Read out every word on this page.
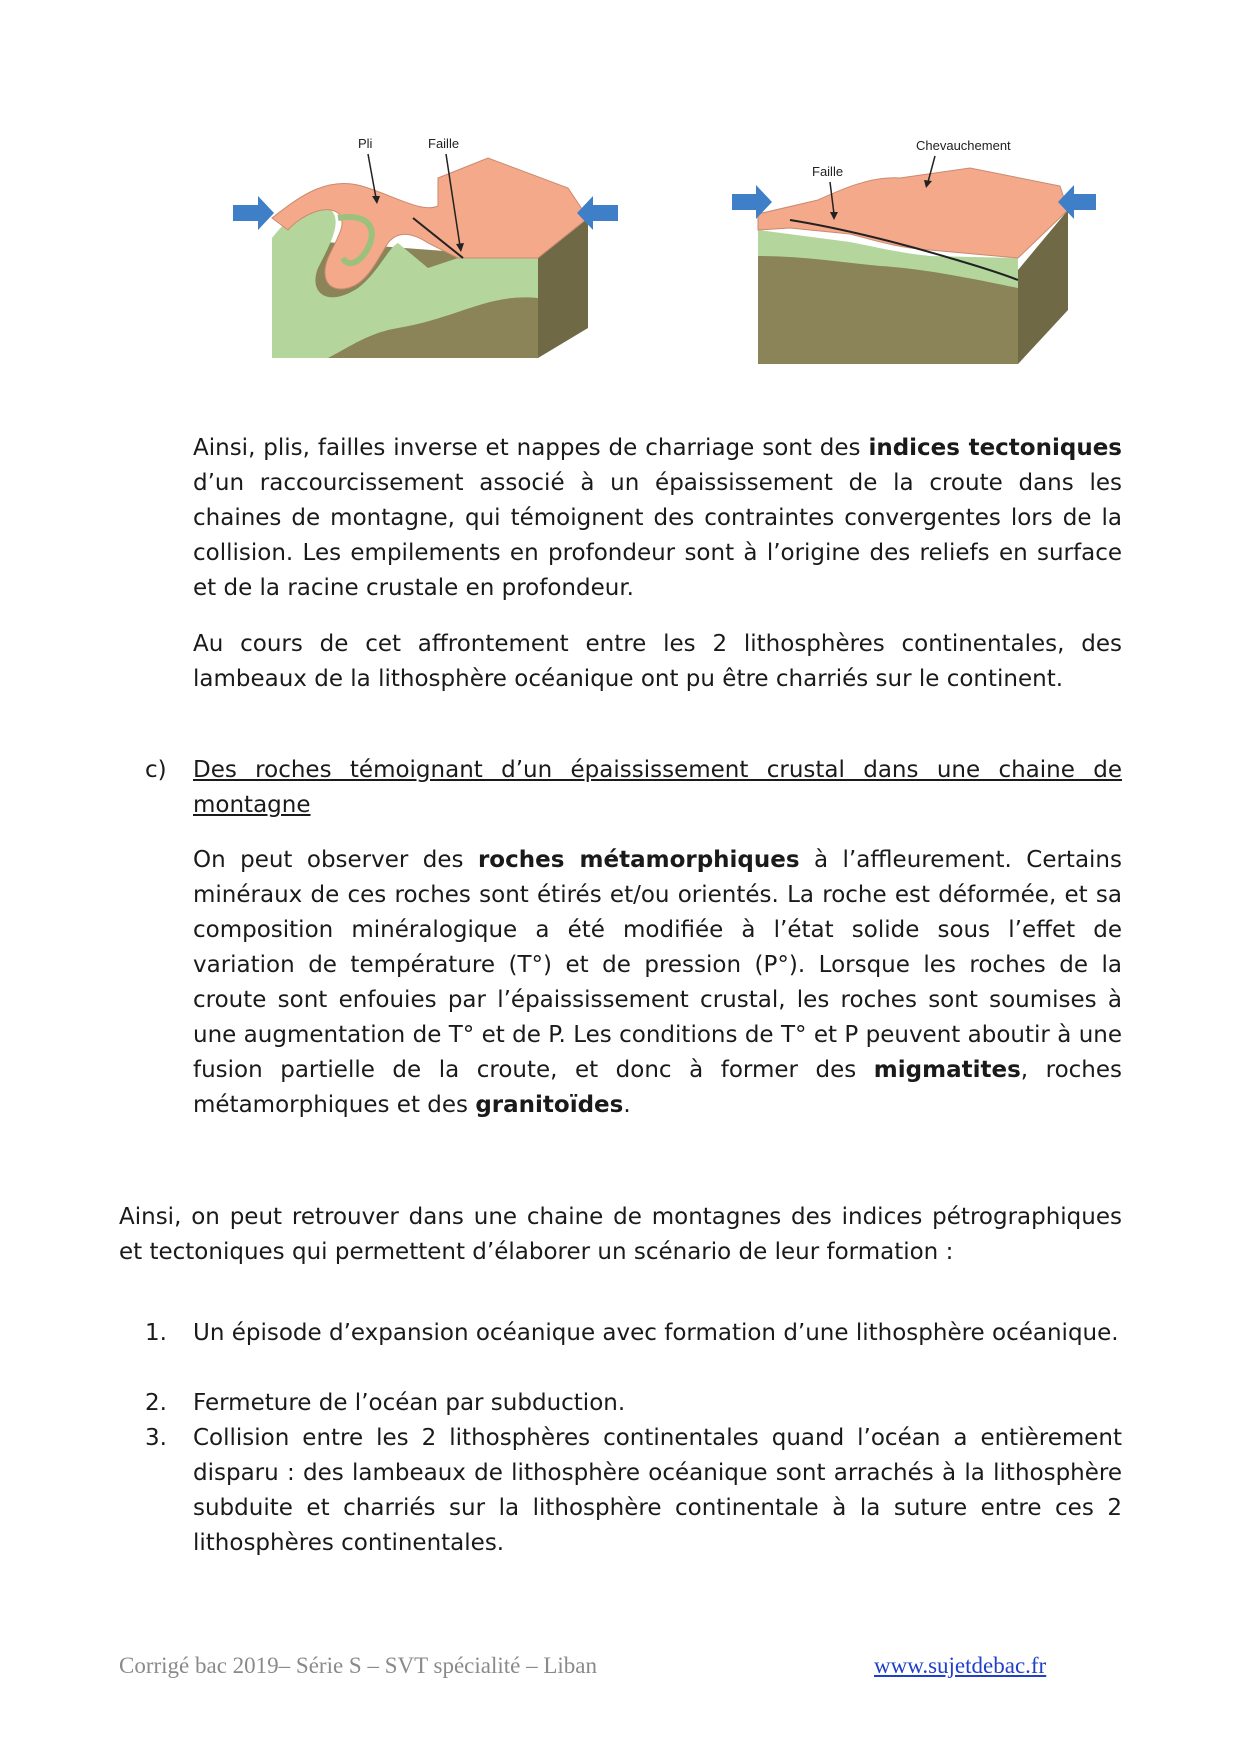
Pli	Faille	Chevauchement
Faille

Ainsi, plis, failles inverse et nappes de charriage sont des indices tectoniques d’un raccourcissement associé à un épaississement de la croute dans les chaines de montagne, qui témoignent des contraintes convergentes lors de la collision. Les empilements en profondeur sont à l’origine des reliefs en surface et de la racine crustale en profondeur.

Au cours de cet affrontement entre les 2 lithosphères continentales, des lambeaux de la lithosphère océanique ont pu être charriés sur le continent.

c)	Des roches témoignant d’un épaississement crustal dans une chaine de montagne

On peut observer des roches métamorphiques à l’affleurement. Certains minéraux de ces roches sont étirés et/ou orientés. La roche est déformée, et sa composition minéralogique a été modifiée à l’état solide sous l’effet de variation de température (T°) et de pression (P°). Lorsque les roches de la croute sont enfouies par l’épaississement crustal, les roches sont soumises à une augmentation de T° et de P. Les conditions de T° et P peuvent aboutir à une fusion partielle de la croute, et donc à former des migmatites, roches métamorphiques et des granitoïdes.

Ainsi, on peut retrouver dans une chaine de montagnes des indices pétrographiques et tectoniques qui permettent d’élaborer un scénario de leur formation :

1.	Un épisode d’expansion océanique avec formation d’une lithosphère océanique.

2.	Fermeture de l’océan par subduction.

3.	Collision entre les 2 lithosphères continentales quand l’océan a entièrement disparu : des lambeaux de lithosphère océanique sont arrachés à la lithosphère subduite et charriés sur la lithosphère continentale à la suture entre ces 2 lithosphères continentales.

Corrigé bac 2019– Série S – SVT spécialité – Liban	www.sujetdebac.fr
